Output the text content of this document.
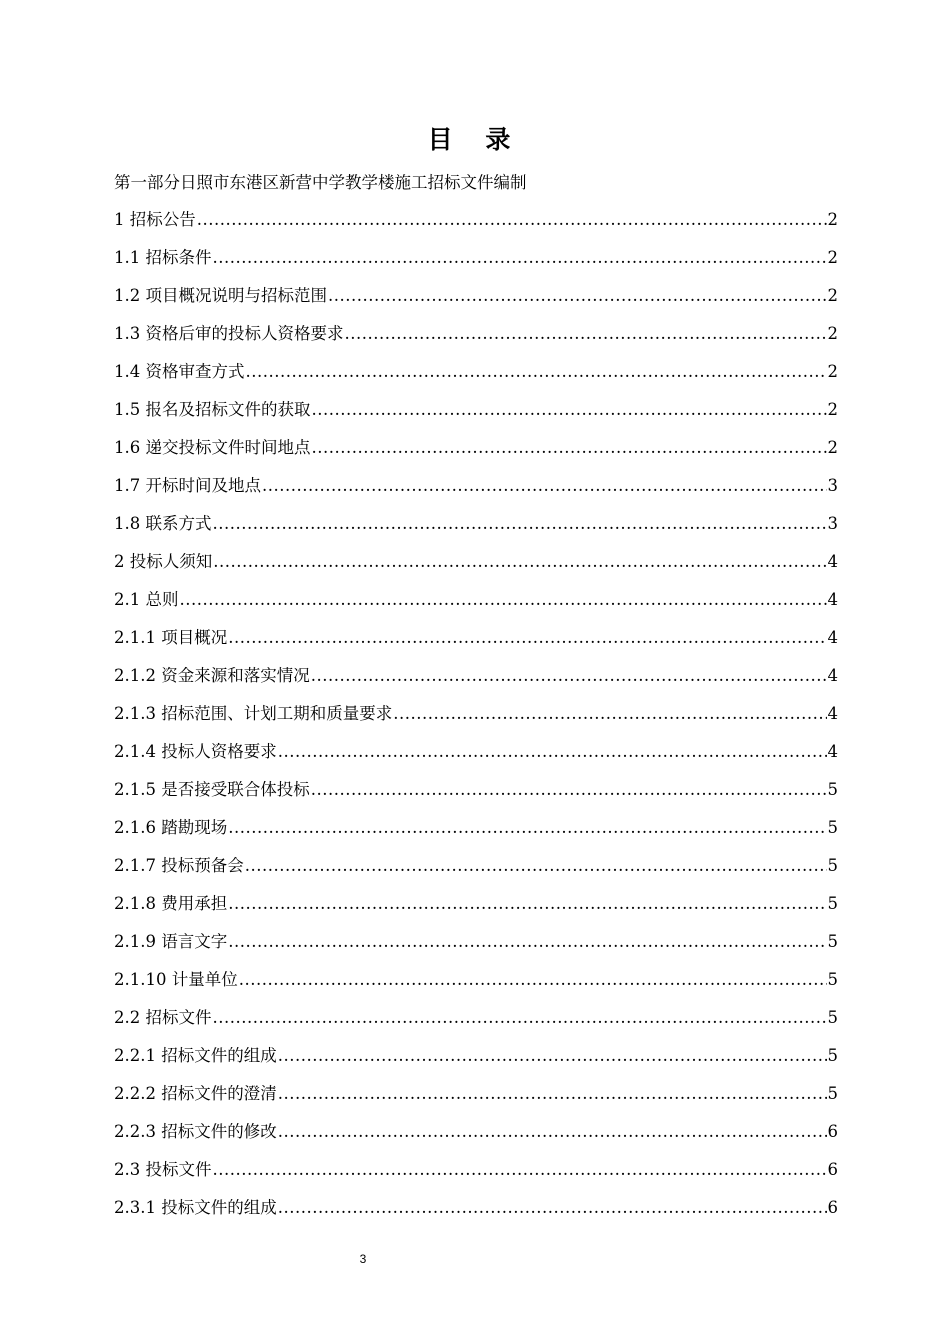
目 录
第一部分日照市东港区新营中学教学楼施工招标文件编制
1 招标公告 .....	2
1.1 招标条件 .....	2
1.2 项目概况说明与招标范围 .....	2
1.3 资格后审的投标人资格要求 .....	2
1.4 资格审查方式 .....	2
1.5 报名及招标文件的获取 .....	2
1.6 递交投标文件时间地点 .....	2
1.7 开标时间及地点 .....	3
1.8 联系方式 .....	3
2 投标人须知 .....	4
2.1 总则 .....	4
2.1.1 项目概况 .....	4
2.1.2 资金来源和落实情况 .....	4
2.1.3 招标范围、计划工期和质量要求 .....	4
2.1.4 投标人资格要求 .....	4
2.1.5 是否接受联合体投标 .....	5
2.1.6 踏勘现场 .....	5
2.1.7 投标预备会 .....	5
2.1.8 费用承担 .....	5
2.1.9 语言文字 .....	5
2.1.10 计量单位 .....	5
2.2 招标文件 .....	5
2.2.1 招标文件的组成 .....	5
2.2.2 招标文件的澄清 .....	5
2.2.3 招标文件的修改 .....	6
2.3 投标文件 .....	6
2.3.1 投标文件的组成 .....	6
3
